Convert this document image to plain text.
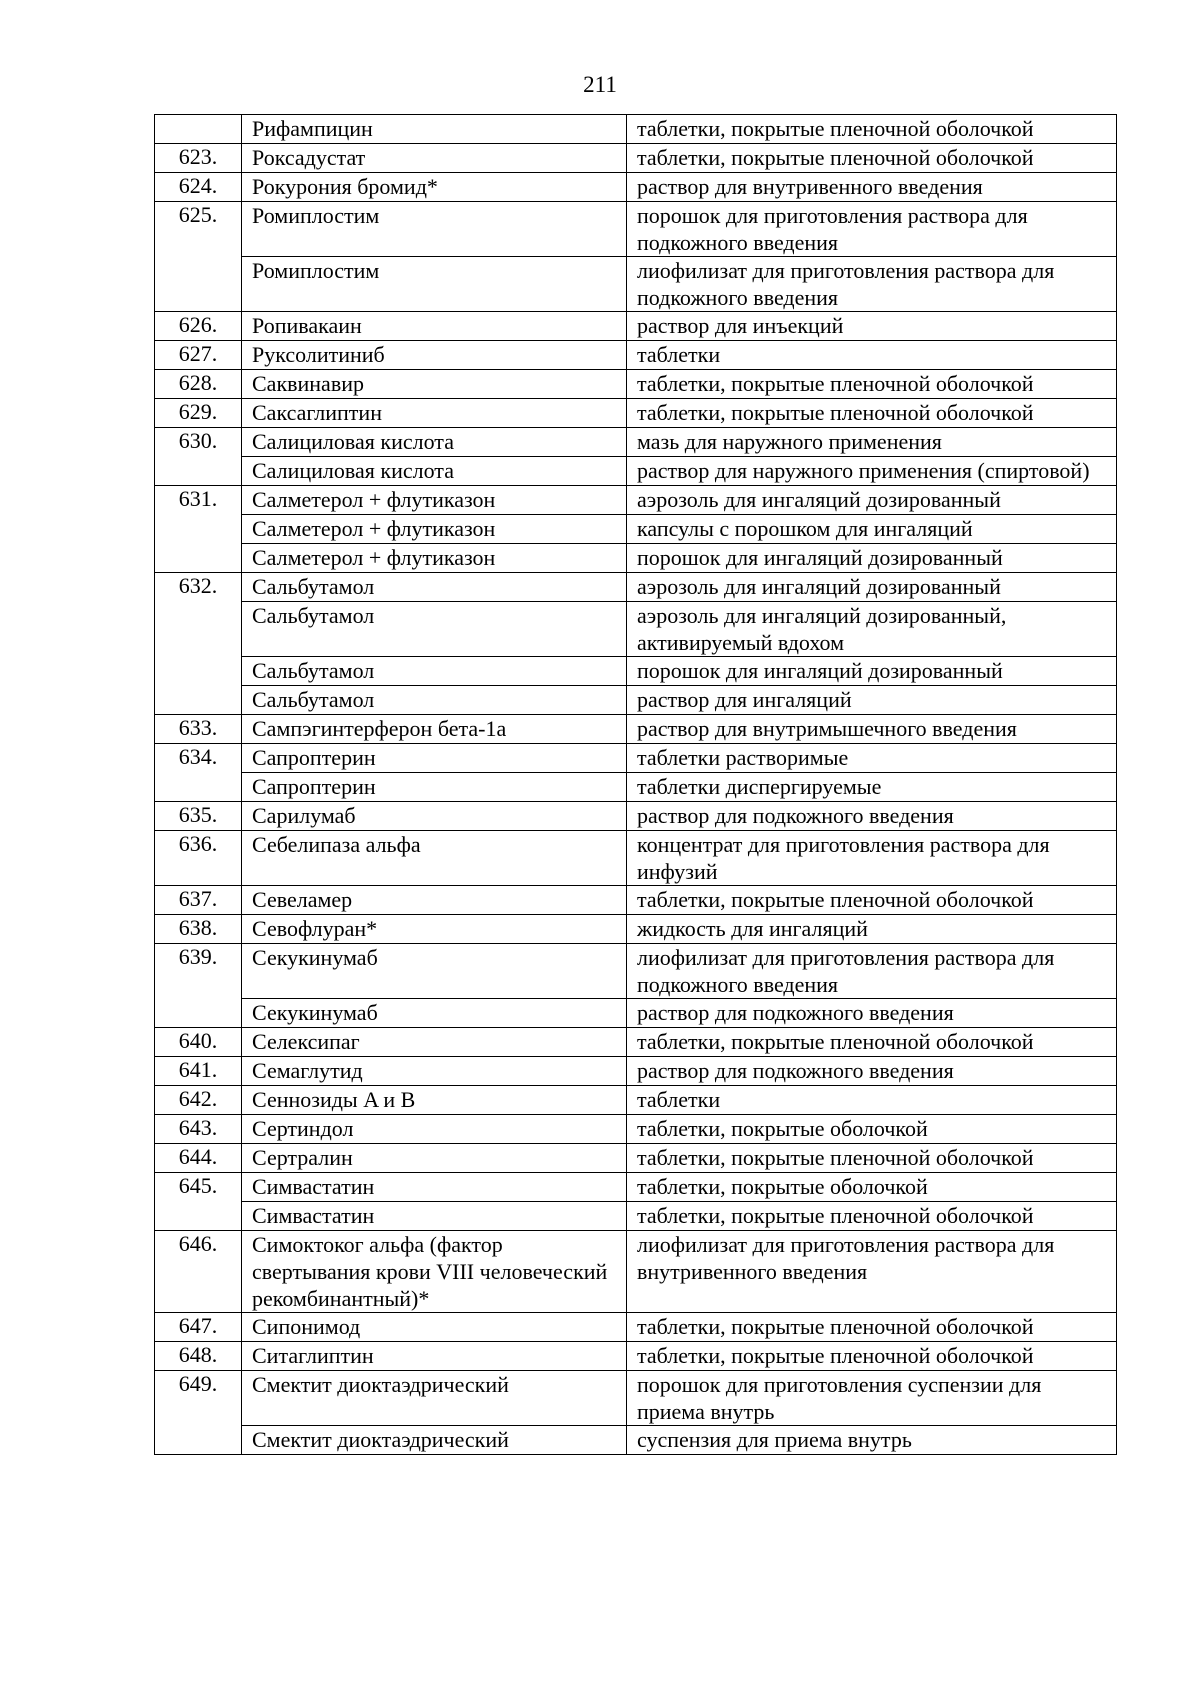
211
	Рифампицин	таблетки, покрытые пленочной оболочкой
623.	Роксадустат	таблетки, покрытые пленочной оболочкой
624.	Рокурония бромид*	раствор для внутривенного введения
625.	Ромиплостим	порошок для приготовления раствора для подкожного введения
	Ромиплостим	лиофилизат для приготовления раствора для подкожного введения
626.	Ропивакаин	раствор для инъекций
627.	Руксолитиниб	таблетки
628.	Саквинавир	таблетки, покрытые пленочной оболочкой
629.	Саксаглиптин	таблетки, покрытые пленочной оболочкой
630.	Салициловая кислота	мазь для наружного применения
	Салициловая кислота	раствор для наружного применения (спиртовой)
631.	Салметерол + флутиказон	аэрозоль для ингаляций дозированный
	Салметерол + флутиказон	капсулы с порошком для ингаляций
	Салметерол + флутиказон	порошок для ингаляций дозированный
632.	Сальбутамол	аэрозоль для ингаляций дозированный
	Сальбутамол	аэрозоль для ингаляций дозированный, активируемый вдохом
	Сальбутамол	порошок для ингаляций дозированный
	Сальбутамол	раствор для ингаляций
633.	Сампэгинтерферон бета-1a	раствор для внутримышечного введения
634.	Сапроптерин	таблетки растворимые
	Сапроптерин	таблетки диспергируемые
635.	Сарилумаб	раствор для подкожного введения
636.	Себелипаза альфа	концентрат для приготовления раствора для инфузий
637.	Севеламер	таблетки, покрытые пленочной оболочкой
638.	Севофлуран*	жидкость для ингаляций
639.	Секукинумаб	лиофилизат для приготовления раствора для подкожного введения
	Секукинумаб	раствор для подкожного введения
640.	Селексипаг	таблетки, покрытые пленочной оболочкой
641.	Семаглутид	раствор для подкожного введения
642.	Сеннозиды A и B	таблетки
643.	Сертиндол	таблетки, покрытые оболочкой
644.	Сертралин	таблетки, покрытые пленочной оболочкой
645.	Симвастатин	таблетки, покрытые оболочкой
	Симвастатин	таблетки, покрытые пленочной оболочкой
646.	Симоктоког альфа (фактор свертывания крови VIII человеческий рекомбинантный)*	лиофилизат для приготовления раствора для внутривенного введения
647.	Сипонимод	таблетки, покрытые пленочной оболочкой
648.	Ситаглиптин	таблетки, покрытые пленочной оболочкой
649.	Смектит диоктаэдрический	порошок для приготовления суспензии для приема внутрь
	Смектит диоктаэдрический	суспензия для приема внутрь
